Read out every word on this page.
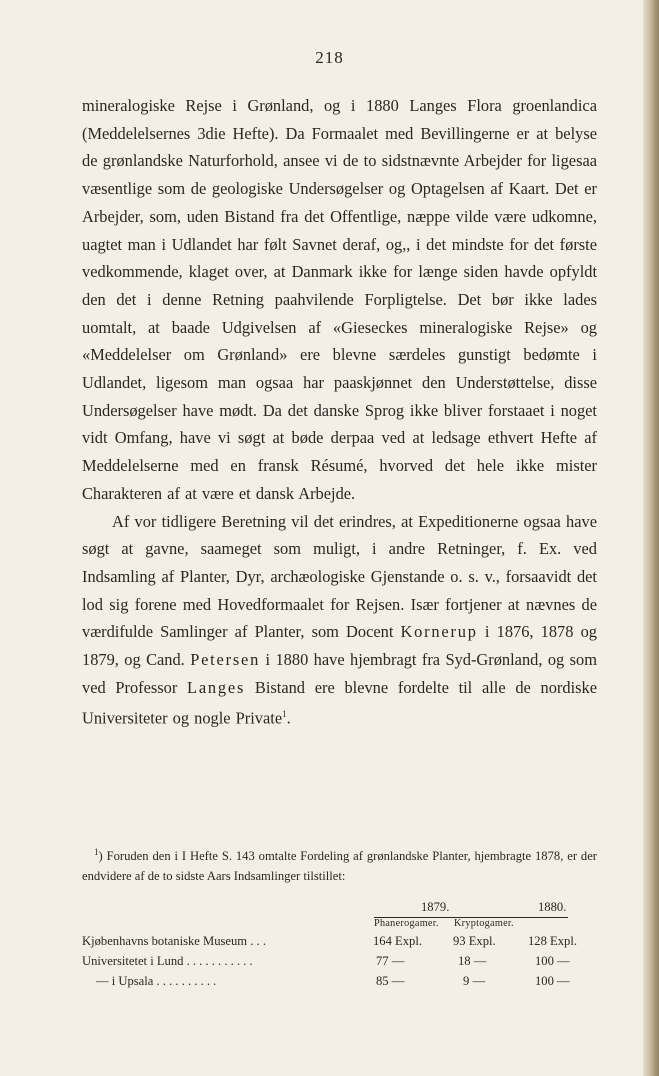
218

mineralogiske Rejse i Grønland, og i 1880 Langes Flora groenlandica (Meddelelsernes 3die Hefte). Da Formaalet med Bevillingerne er at belyse de grønlandske Naturforhold, ansee vi de to sidstnævnte Arbejder for ligesaa væsentlige som de geologiske Undersøgelser og Optagelsen af Kaart. Det er Arbejder, som, uden Bistand fra det Offentlige, næppe vilde være udkomne, uagtet man i Udlandet har følt Savnet deraf, og,, i det mindste for det første vedkommende, klaget over, at Danmark ikke for længe siden havde opfyldt den det i denne Retning paahvilende Forpligtelse. Det bør ikke lades uomtalt, at baade Udgivelsen af «Gieseckes mineralogiske Rejse» og «Meddelelser om Grønland» ere blevne særdeles gunstigt bedømte i Udlandet, ligesom man ogsaa har paaskjønnet den Understøttelse, disse Undersøgelser have mødt. Da det danske Sprog ikke bliver forstaaet i noget vidt Omfang, have vi søgt at bøde derpaa ved at ledsage ethvert Hefte af Meddelelserne med en fransk Résumé, hvorved det hele ikke mister Charakteren af at være et dansk Arbejde.

Af vor tidligere Beretning vil det erindres, at Expeditionerne ogsaa have søgt at gavne, saameget som muligt, i andre Retninger, f. Ex. ved Indsamling af Planter, Dyr, archæologiske Gjenstande o. s. v., forsaavidt det lod sig forene med Hovedformaalet for Rejsen. Især fortjener at nævnes de værdifulde Samlinger af Planter, som Docent Kornerup i 1876, 1878 og 1879, og Cand. Petersen i 1880 have hjembragt fra Syd-Grønland, og som ved Professor Langes Bistand ere blevne fordelte til alle de nordiske Universiteter og nogle Private$^1$.

$^1$) Foruden den i I Hefte S. 143 omtalte Fordeling af grønlandske Planter, hjembragte 1878, er der endvidere af de to sidste Aars Indsamlinger tilstillet:

1879.	1880.
Phanerogamer. Kryptogamer.
Kjøbenhavns botaniske Museum . . .	164 Expl. 93 Expl.	128 Expl.
Universitetet i Lund . . . . . . . . . . .	77 —	18 —	100 —
— i Upsala . . . . . . . . . .	85 —	9 —	100 —
